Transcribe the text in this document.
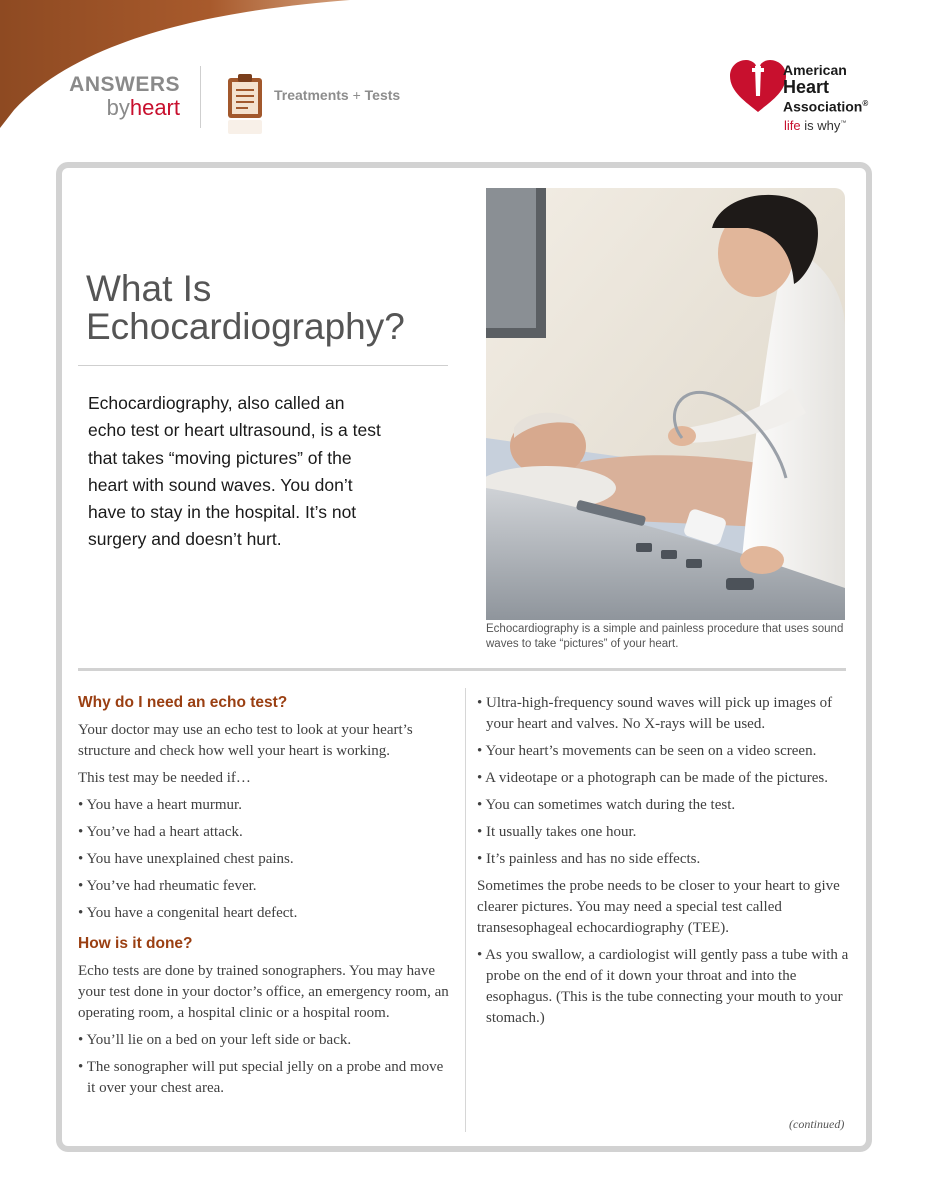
ANSWERS
byheart	Treatments + Tests
American
Heart
Association®
life is why™
What Is
Echocardiography?

Echocardiography, also called an echo test or heart ultrasound, is a test that takes “moving pictures” of the heart with sound waves. You don’t have to stay in the hospital. It’s not surgery and doesn’t hurt.

Echocardiography is a simple and painless procedure that uses sound waves to take “pictures” of your heart.

Why do I need an echo test?

Your doctor may use an echo test to look at your heart’s structure and check how well your heart is working.

This test may be needed if…

• You have a heart murmur.

• You’ve had a heart attack.

• You have unexplained chest pains.

• You’ve had rheumatic fever.

• You have a congenital heart defect.

How is it done?

Echo tests are done by trained sonographers. You may have your test done in your doctor’s office, an emergency room, an operating room, a hospital clinic or a hospital room.

• You’ll lie on a bed on your left side or back.

• The sonographer will put special jelly on a probe and move it over your chest area.

• Ultra-high-frequency sound waves will pick up images of your heart and valves. No X-rays will be used.

• Your heart’s movements can be seen on a video screen.

• A videotape or a photograph can be made of the pictures.

• You can sometimes watch during the test.

• It usually takes one hour.

• It’s painless and has no side effects.

Sometimes the probe needs to be closer to your heart to give clearer pictures. You may need a special test called transesophageal echocardiography (TEE).

• As you swallow, a cardiologist will gently pass a tube with a probe on the end of it down your throat and into the esophagus. (This is the tube connecting your mouth to your stomach.)

(continued)
